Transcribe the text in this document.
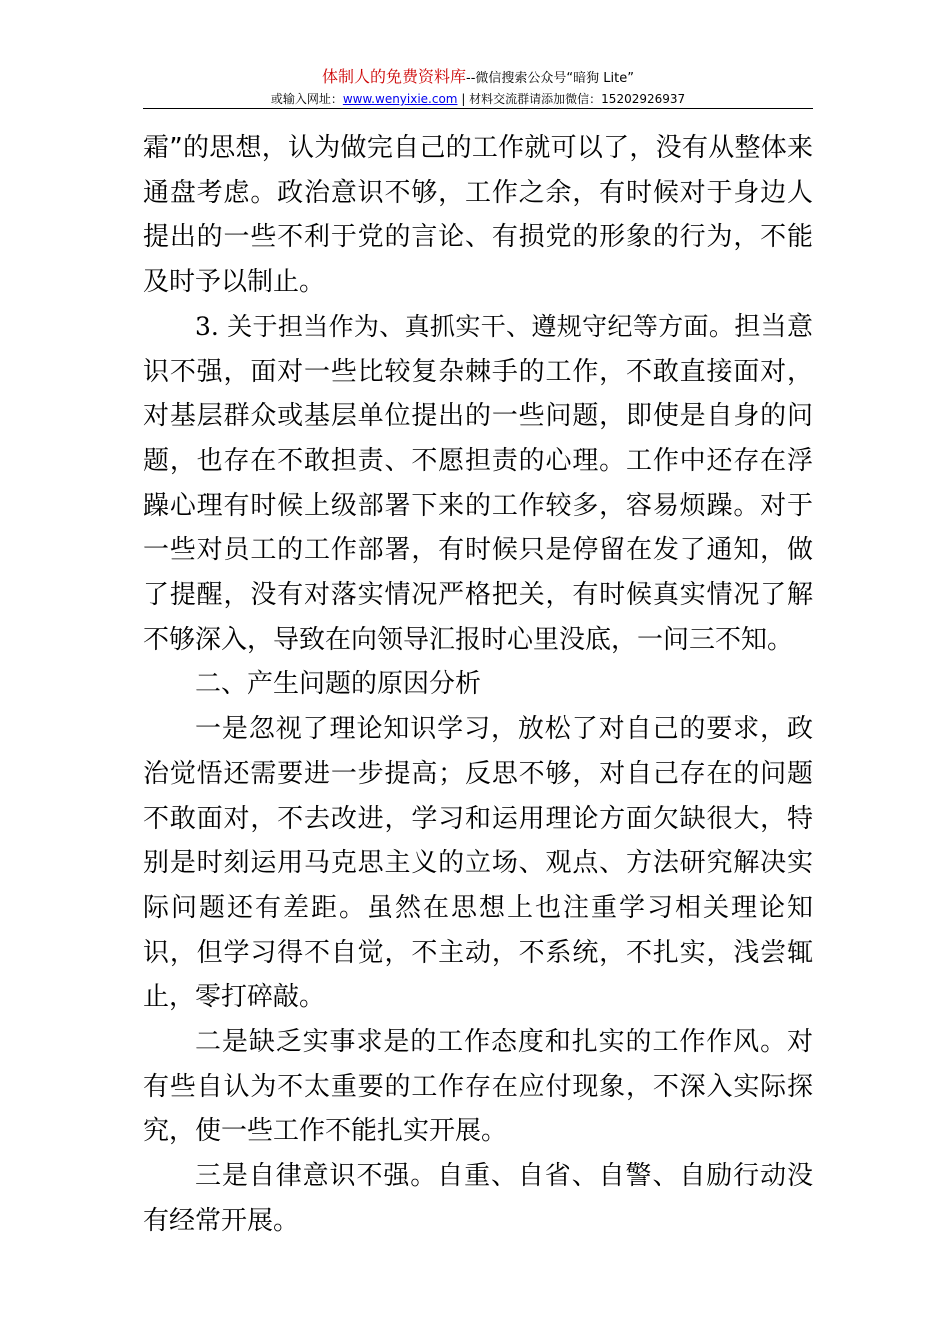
体制人的免费资料库--微信搜索公众号“暗狗 Lite”
或输入网址：www.wenyixie.com | 材料交流群请添加微信：15202926937

霜”的思想，认为做完自己的工作就可以了，没有从整体来通盘考虑。政治意识不够，工作之余，有时候对于身边人提出的一些不利于党的言论、有损党的形象的行为，不能及时予以制止。

3. 关于担当作为、真抓实干、遵规守纪等方面。担当意识不强，面对一些比较复杂棘手的工作，不敢直接面对，对基层群众或基层单位提出的一些问题，即使是自身的问题，也存在不敢担责、不愿担责的心理。工作中还存在浮躁心理有时候上级部署下来的工作较多，容易烦躁。对于一些对员工的工作部署，有时候只是停留在发了通知，做了提醒，没有对落实情况严格把关，有时候真实情况了解不够深入，导致在向领导汇报时心里没底，一问三不知。

二、产生问题的原因分析

一是忽视了理论知识学习，放松了对自己的要求，政治觉悟还需要进一步提高；反思不够，对自己存在的问题不敢面对，不去改进，学习和运用理论方面欠缺很大，特别是时刻运用马克思主义的立场、观点、方法研究解决实际问题还有差距。虽然在思想上也注重学习相关理论知识，但学习得不自觉，不主动，不系统，不扎实，浅尝辄止，零打碎敲。

二是缺乏实事求是的工作态度和扎实的工作作风。对有些自认为不太重要的工作存在应付现象，不深入实际探究，使一些工作不能扎实开展。

三是自律意识不强。自重、自省、自警、自励行动没有经常开展。
